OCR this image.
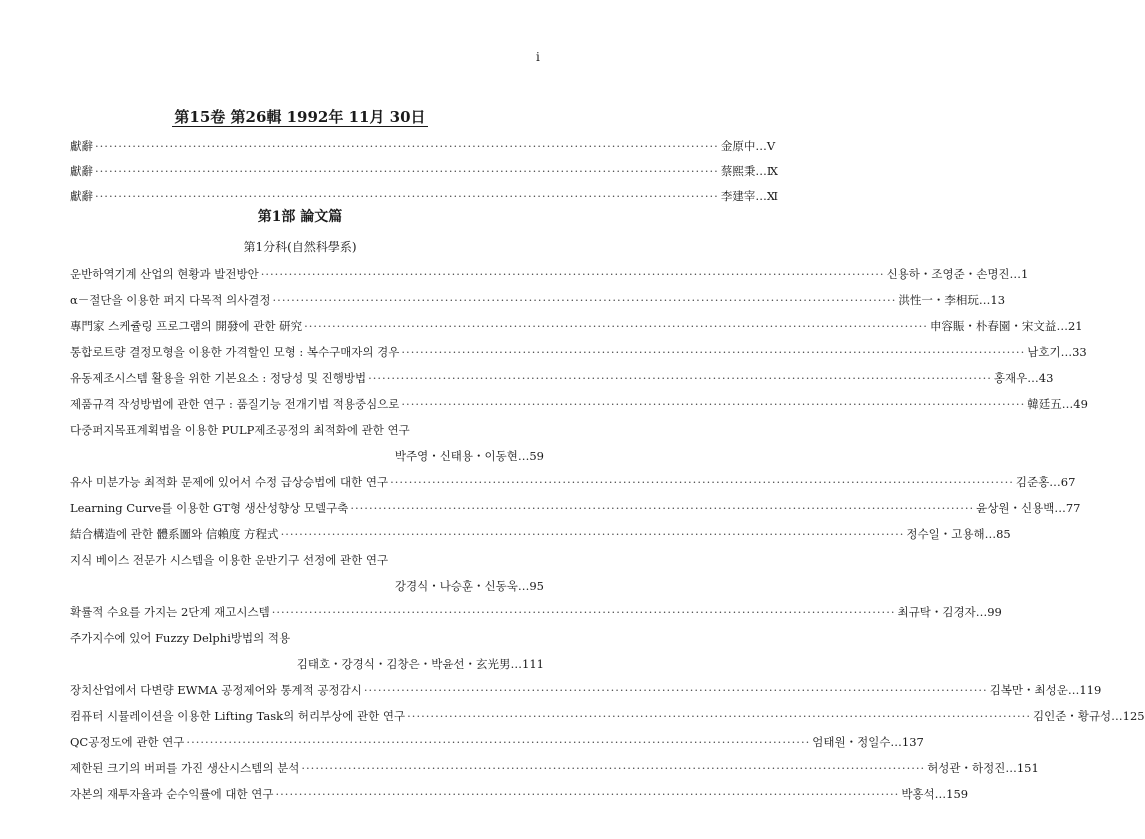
i
第15卷 第26輯 1992年 11月 30日
獻辭 ·····	金原中 …V
獻辭 ·····	蔡熙秉 …Ⅸ
獻辭 ·····	李建宰 …Ⅺ
第1部 論文篇
第1分科(自然科學系)
운반하역기계 산업의 현황과 발전방안 ·····	신용하・조영준・손명진 …1
α－절단을 이용한 퍼지 다목적 의사결정 ·····	洪性一・李相玩 …13
專門家 스케쥴링 프로그램의 開發에 관한 研究 ·····	申容賑・朴春園・宋文益 …21
통합로트량 결정모형을 이용한 가격할인 모형 : 복수구매자의 경우 ·····	남호기 …33
유동제조시스템 활용을 위한 기본요소 : 정당성 및 진행방법 ·····	홍재우 …43
제품규격 작성방법에 관한 연구 : 품질기능 전개기법 적용중심으로 ·····	韓廷五 …49
다중퍼지목표계획법을 이용한 PULP제조공정의 최적화에 관한 연구
박주영・신태용・이동현…59
유사 미분가능 최적화 문제에 있어서 수정 급상승법에 대한 연구 ·····	김준홍 …67
Learning Curve를 이용한 GT형 생산성향상 모델구축 ·····	윤상원・신용백 …77
結合構造에 관한 體系圖와 信賴度 方程式 ·····	정수일・고용해 …85
지식 베이스 전문가 시스템을 이용한 운반기구 선정에 관한 연구
강경식・나승훈・신동욱…95
확률적 수요를 가지는 2단계 재고시스템 ·····	최규탁・김경자 …99
주가지수에 있어 Fuzzy Delphi방법의 적용
김태호・강경식・김창은・박윤선・玄光男…111
장치산업에서 다변량 EWMA 공정제어와 통계적 공정감시 ·····	김복만・최성운 …119
컴퓨터 시뮬레이션을 이용한 Lifting Task의 허리부상에 관한 연구 ·····	김인준・황규성 …125
QC공정도에 관한 연구 ·····	엄태원・정일수 …137
제한된 크기의 버퍼를 가진 생산시스템의 분석 ·····	허성관・하정진 …151
자본의 재투자율과 순수익률에 대한 연구 ·····	박홍석 …159
